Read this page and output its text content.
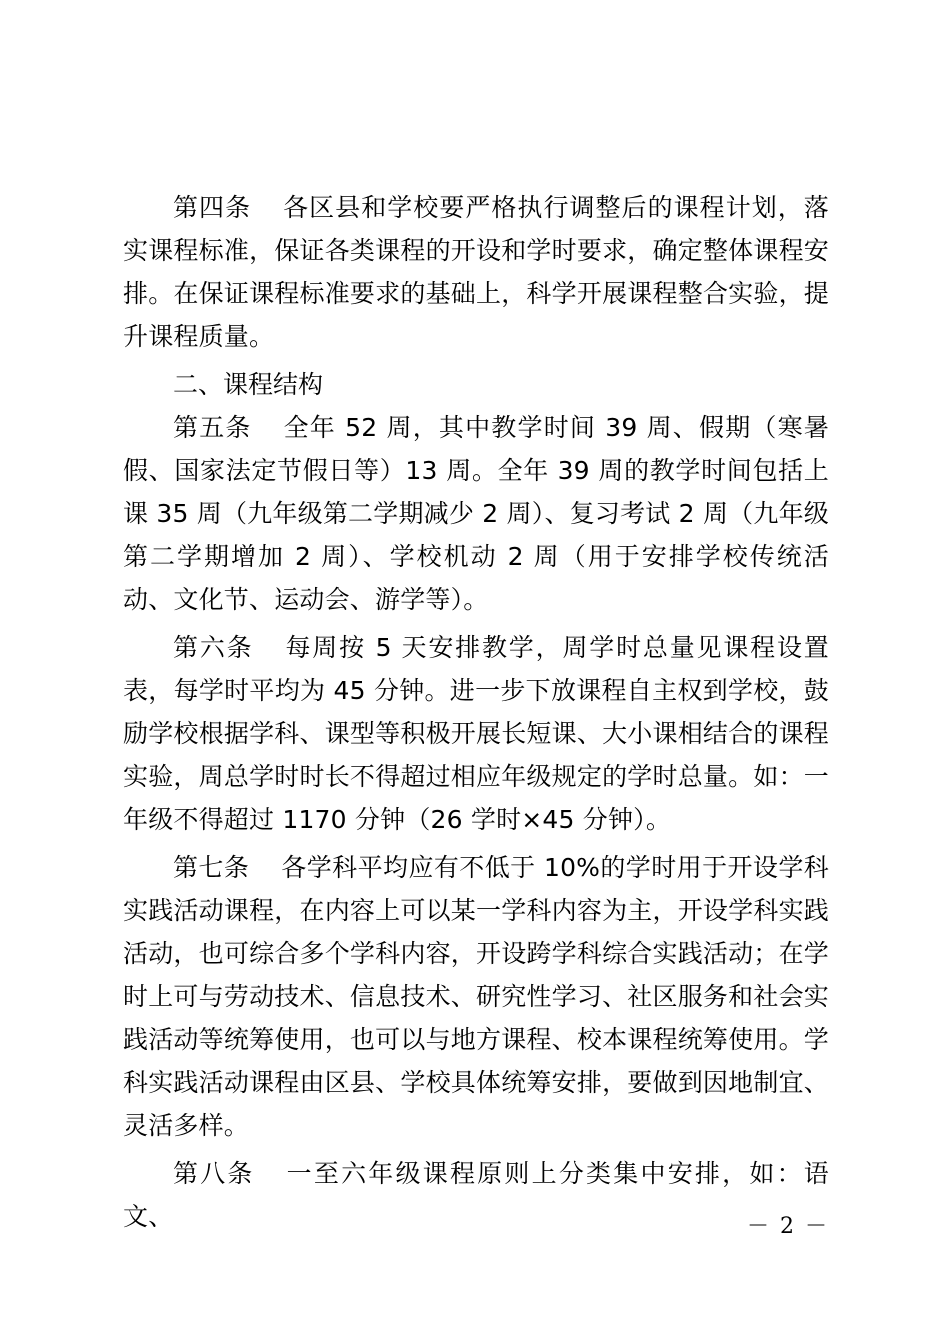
第四条 各区县和学校要严格执行调整后的课程计划，落实课程标准，保证各类课程的开设和学时要求，确定整体课程安排。在保证课程标准要求的基础上，科学开展课程整合实验，提升课程质量。

二、课程结构

第五条 全年 52 周，其中教学时间 39 周、假期（寒暑假、国家法定节假日等）13 周。全年 39 周的教学时间包括上课 35 周（九年级第二学期减少 2 周）、复习考试 2 周（九年级第二学期增加 2 周）、学校机动 2 周（用于安排学校传统活动、文化节、运动会、游学等）。

第六条 每周按 5 天安排教学，周学时总量见课程设置表，每学时平均为 45 分钟。进一步下放课程自主权到学校，鼓励学校根据学科、课型等积极开展长短课、大小课相结合的课程实验，周总学时时长不得超过相应年级规定的学时总量。如：一年级不得超过 1170 分钟（26 学时×45 分钟）。

第七条 各学科平均应有不低于 10%的学时用于开设学科实践活动课程，在内容上可以某一学科内容为主，开设学科实践活动，也可综合多个学科内容，开设跨学科综合实践活动；在学时上可与劳动技术、信息技术、研究性学习、社区服务和社会实践活动等统筹使用，也可以与地方课程、校本课程统筹使用。学科实践活动课程由区县、学校具体统筹安排，要做到因地制宜、灵活多样。

第八条 一至六年级课程原则上分类集中安排，如：语文、	－ 2 －
